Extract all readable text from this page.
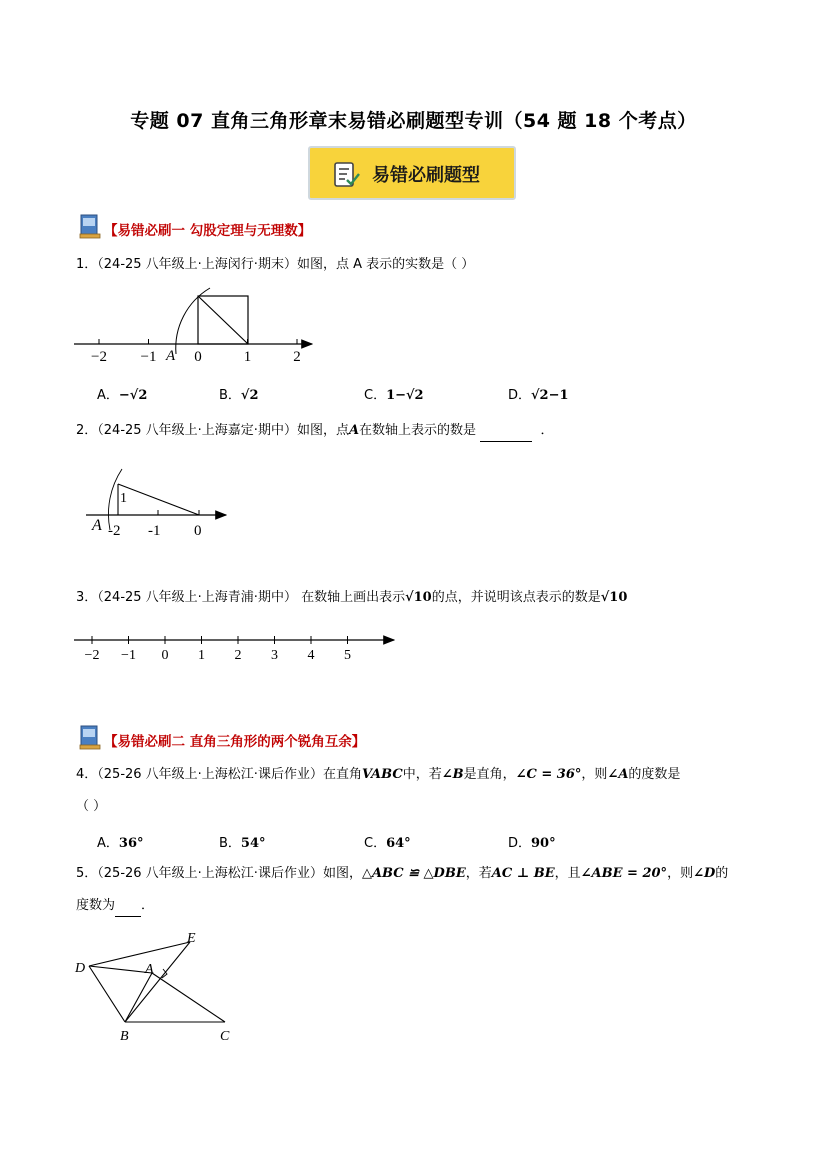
专题 07 直角三角形章末易错必刷题型专训（54 题 18 个考点）
易错必刷题型
【易错必刷一 勾股定理与无理数】
1．（24-25 八年级上·上海闵行·期末）如图，点 A 表示的实数是（ ）
−2 −1	0	1	2
A
A．−√2	B．√2	C．1−√2	D．√2−1
2．（24-25 八年级上·上海嘉定·期中）如图，点A在数轴上表示的数是	．
1
A -2 -1 0
3．（24-25 八年级上·上海青浦·期中） 在数轴上画出表示√10的点，并说明该点表示的数是√10
−2 −1 0 1 2 3 4 5
【易错必刷二 直角三角形的两个锐角互余】
4．（25-26 八年级上·上海松江·课后作业）在直角VABC中，若∠B是直角，∠C = 36°，则∠A的度数是
（ ）
A．36°	B．54°	C．64°	D．90°
5．（25-26 八年级上·上海松江·课后作业）如图，△ABC ≌ △DBE，若AC ⊥ BE，且∠ABE = 20°，则∠D的
度数为 ．
D
E
A
B	C
